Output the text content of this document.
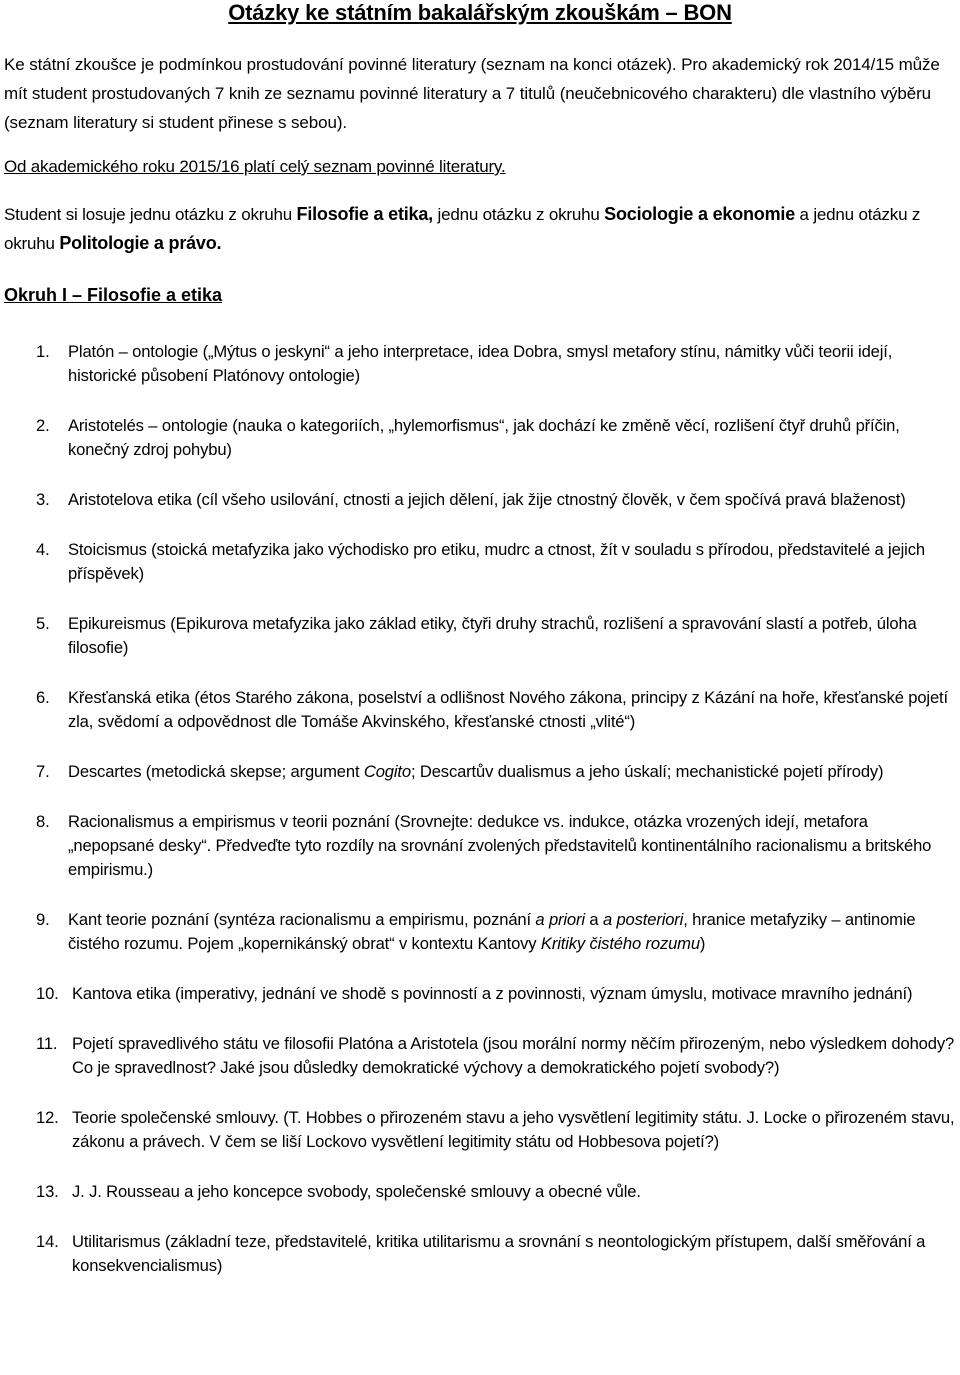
Otázky ke státním bakalářským zkouškám – BON
Ke státní zkoušce je podmínkou prostudování povinné literatury (seznam na konci otázek). Pro akademický rok 2014/15 může mít student prostudovaných 7 knih ze seznamu povinné literatury a 7 titulů (neučebnicového charakteru) dle vlastního výběru (seznam literatury si student přinese s sebou).
Od akademického roku 2015/16 platí celý seznam povinné literatury.
Student si losuje jednu otázku z okruhu Filosofie a etika, jednu otázku z okruhu Sociologie a ekonomie a jednu otázku z okruhu Politologie a právo.
Okruh I – Filosofie a etika
1.	Platón – ontologie („Mýtus o jeskyni“ a jeho interpretace, idea Dobra, smysl metafory stínu, námitky vůči teorii idejí, historické působení Platónovy ontologie)
2.	Aristotelés – ontologie (nauka o kategoriích, „hylemorfismus“, jak dochází ke změně věcí, rozlišení čtyř druhů příčin, konečný zdroj pohybu)
3.	Aristotelova etika (cíl všeho usilování, ctnosti a jejich dělení, jak žije ctnostný člověk, v čem spočívá pravá blaženost)
4.	Stoicismus (stoická metafyzika jako východisko pro etiku, mudrc a ctnost, žít v souladu s přírodou, představitelé a jejich příspěvek)
5.	Epikureismus (Epikurova metafyzika jako základ etiky, čtyři druhy strachů, rozlišení a spravování slastí a potřeb, úloha filosofie)
6.	Křesťanská etika (étos Starého zákona, poselství a odlišnost Nového zákona, principy z Kázání na hoře, křesťanské pojetí zla, svědomí a odpovědnost dle Tomáše Akvinského, křesťanské ctnosti „vlité“)
7.	Descartes (metodická skepse; argument Cogito; Descartův dualismus a jeho úskalí; mechanistické pojetí přírody)
8.	Racionalismus a empirismus v teorii poznání (Srovnejte: dedukce vs. indukce, otázka vrozených idejí, metafora „nepopsané desky“. Předveďte tyto rozdíly na srovnání zvolených představitelů kontinentálního racionalismu a britského empirismu.)
9.	Kant teorie poznání (syntéza racionalismu a empirismu, poznání a priori a a posteriori, hranice metafyziky – antinomie čistého rozumu. Pojem „kopernikánský obrat“ v kontextu Kantovy Kritiky čistého rozumu)
10. Kantova etika (imperativy, jednání ve shodě s povinností a z povinnosti, význam úmyslu, motivace mravního jednání)
11. Pojetí spravedlivého státu ve filosofii Platóna a Aristotela (jsou morální normy něčím přirozeným, nebo výsledkem dohody? Co je spravedlnost? Jaké jsou důsledky demokratické výchovy a demokratického pojetí svobody?)
12. Teorie společenské smlouvy. (T. Hobbes o přirozeném stavu a jeho vysvětlení legitimity státu. J. Locke o přirozeném stavu, zákonu a právech. V čem se liší Lockovo vysvětlení legitimity státu od Hobbesova pojetí?)
13. J. J. Rousseau a jeho koncepce svobody, společenské smlouvy a obecné vůle.
14. Utilitarismus (základní teze, představitelé, kritika utilitarismu a srovnání s neontologickým přístupem, další směřování a konsekvencialismus)
